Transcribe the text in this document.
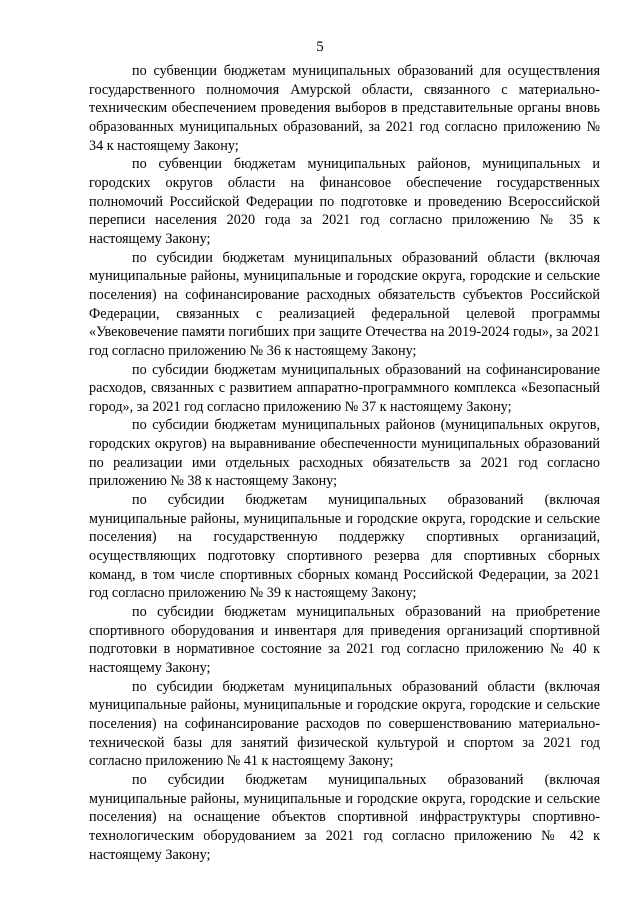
5

по субвенции бюджетам муниципальных образований для осуществления государственного полномочия Амурской области, связанного с материально-техническим обеспечением проведения выборов в представительные органы вновь образованных муниципальных образований, за 2021 год согласно приложению № 34 к настоящему Закону;

по субвенции бюджетам муниципальных районов, муниципальных и городских округов области на финансовое обеспечение государственных полномочий Российской Федерации по подготовке и проведению Всероссийской переписи населения 2020 года за 2021 год согласно приложению № 35 к настоящему Закону;

по субсидии бюджетам муниципальных образований области (включая муниципальные районы, муниципальные и городские округа, городские и сельские поселения) на софинансирование расходных обязательств субъектов Российской Федерации, связанных с реализацией федеральной целевой программы «Увековечение памяти погибших при защите Отечества на 2019-2024 годы», за 2021 год согласно приложению № 36 к настоящему Закону;

по субсидии бюджетам муниципальных образований на софинансирование расходов, связанных с развитием аппаратно-программного комплекса «Безопасный город», за 2021 год согласно приложению № 37 к настоящему Закону;

по субсидии бюджетам муниципальных районов (муниципальных округов, городских округов) на выравнивание обеспеченности муниципальных образований по реализации ими отдельных расходных обязательств за 2021 год согласно приложению № 38 к настоящему Закону;

по субсидии бюджетам муниципальных образований (включая муниципальные районы, муниципальные и городские округа, городские и сельские поселения) на государственную поддержку спортивных организаций, осуществляющих подготовку спортивного резерва для спортивных сборных команд, в том числе спортивных сборных команд Российской Федерации, за 2021 год согласно приложению № 39 к настоящему Закону;

по субсидии бюджетам муниципальных образований на приобретение спортивного оборудования и инвентаря для приведения организаций спортивной подготовки в нормативное состояние за 2021 год согласно приложению № 40 к настоящему Закону;

по субсидии бюджетам муниципальных образований области (включая муниципальные районы, муниципальные и городские округа, городские и сельские поселения) на софинансирование расходов по совершенствованию материально-технической базы для занятий физической культурой и спортом за 2021 год согласно приложению № 41 к настоящему Закону;

по субсидии бюджетам муниципальных образований (включая муниципальные районы, муниципальные и городские округа, городские и сельские поселения) на оснащение объектов спортивной инфраструктуры спортивно-технологическим оборудованием за 2021 год согласно приложению № 42 к настоящему Закону;
